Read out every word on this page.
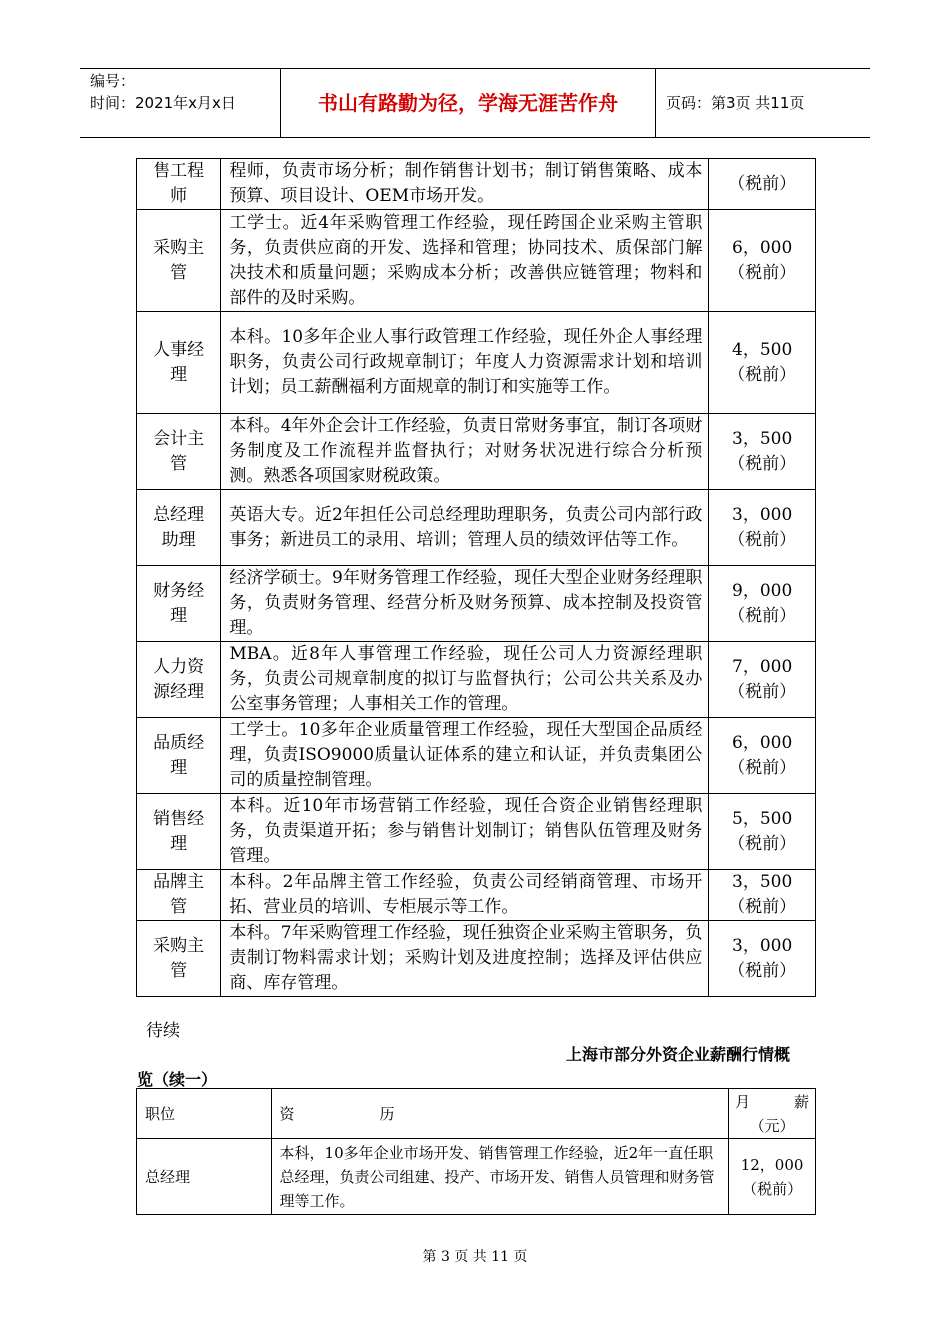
编号：
时间：2021年x月x日	书山有路勤为径，学海无涯苦作舟	页码：第3页 共11页
售工程师	程师，负责市场分析；制作销售计划书；制订销售策略、成本预算、项目设计、OEM市场开发。	（税前）

采购主管	工学士。近4年采购管理工作经验，现任跨国企业采购主管职务，负责供应商的开发、选择和管理；协同技术、质保部门解决技术和质量问题；采购成本分析；改善供应链管理；物料和部件的及时采购。	6，000
（税前）

人事经理	本科。10多年企业人事行政管理工作经验，现任外企人事经理职务，负责公司行政规章制订；年度人力资源需求计划和培训计划；员工薪酬福利方面规章的制订和实施等工作。	4，500
（税前）

会计主管	本科。4年外企会计工作经验，负责日常财务事宜，制订各项财务制度及工作流程并监督执行；对财务状况进行综合分析预测。熟悉各项国家财税政策。	3，500
（税前）

总经理助理	英语大专。近2年担任公司总经理助理职务，负责公司内部行政事务；新进员工的录用、培训；管理人员的绩效评估等工作。	3，000
（税前）

财务经理	经济学硕士。9年财务管理工作经验，现任大型企业财务经理职务，负责财务管理、经营分析及财务预算、成本控制及投资管理。	9，000
（税前）

人力资源经理	MBA。近8年人事管理工作经验，现任公司人力资源经理职务，负责公司规章制度的拟订与监督执行；公司公共关系及办公室事务管理；人事相关工作的管理。	7，000
（税前）

品质经理	工学士。10多年企业质量管理工作经验，现任大型国企品质经理，负责ISO9000质量认证体系的建立和认证，并负责集团公司的质量控制管理。	6，000
（税前）

销售经理	本科。近10年市场营销工作经验，现任合资企业销售经理职务，负责渠道开拓；参与销售计划制订；销售队伍管理及财务管理。	5，500
（税前）

品牌主管	本科。2年品牌主管工作经验，负责公司经销商管理、市场开拓、营业员的培训、专柜展示等工作。	3，500
（税前）

采购主管	本科。7年采购管理工作经验，现任独资企业采购主管职务，负责制订物料需求计划；采购计划及进度控制；选择及评估供应商、库存管理。	3，000
（税前）
待续
上海市部分外资企业薪酬行情概
览（续一）
职位	资 历	月 薪
（元）

总经理	本科，10多年企业市场开发、销售管理工作经验，近2年一直任职总经理，负责公司组建、投产、市场开发、销售人员管理和财务管理等工作。	12，000
（税前）
第 3 页 共 11 页
